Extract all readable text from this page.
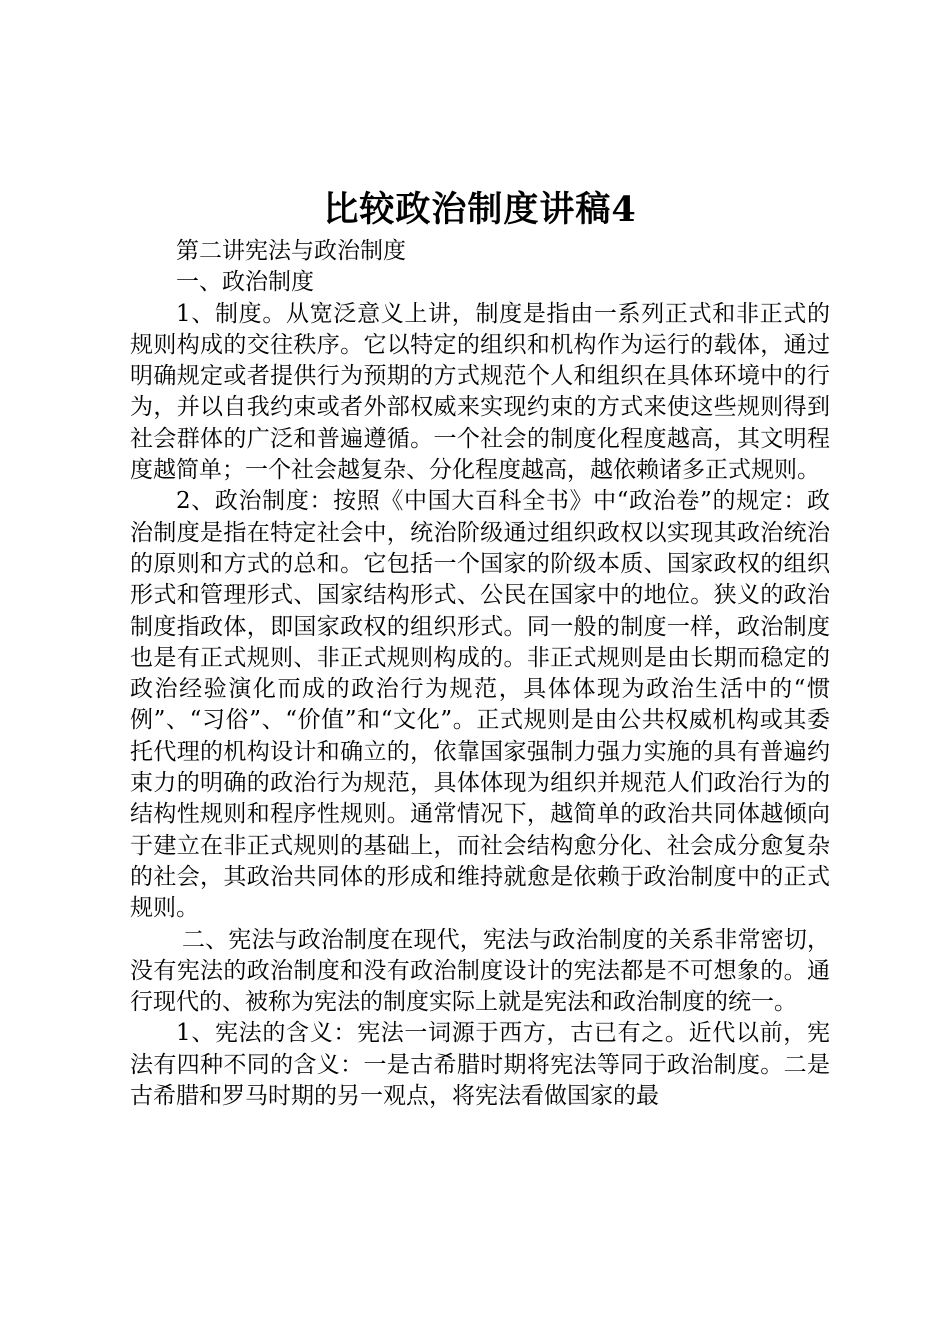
比较政治制度讲稿4

第二讲宪法与政治制度

一、政治制度

1、制度。从宽泛意义上讲，制度是指由一系列正式和非正式的规则构成的交往秩序。它以特定的组织和机构作为运行的载体，通过明确规定或者提供行为预期的方式规范个人和组织在具体环境中的行为，并以自我约束或者外部权威来实现约束的方式来使这些规则得到社会群体的广泛和普遍遵循。一个社会的制度化程度越高，其文明程度越简单；一个社会越复杂、分化程度越高，越依赖诸多正式规则。

2、政治制度：按照《中国大百科全书》中“政治卷”的规定：政治制度是指在特定社会中，统治阶级通过组织政权以实现其政治统治的原则和方式的总和。它包括一个国家的阶级本质、国家政权的组织形式和管理形式、国家结构形式、公民在国家中的地位。狭义的政治制度指政体，即国家政权的组织形式。同一般的制度一样，政治制度也是有正式规则、非正式规则构成的。非正式规则是由长期而稳定的政治经验演化而成的政治行为规范，具体体现为政治生活中的“惯例”、“习俗”、“价值”和“文化”。正式规则是由公共权威机构或其委托代理的机构设计和确立的，依靠国家强制力强力实施的具有普遍约束力的明确的政治行为规范，具体体现为组织并规范人们政治行为的结构性规则和程序性规则。通常情况下，越简单的政治共同体越倾向于建立在非正式规则的基础上，而社会结构愈分化、社会成分愈复杂的社会，其政治共同体的形成和维持就愈是依赖于政治制度中的正式规则。

二、宪法与政治制度在现代，宪法与政治制度的关系非常密切，没有宪法的政治制度和没有政治制度设计的宪法都是不可想象的。通行现代的、被称为宪法的制度实际上就是宪法和政治制度的统一。

1、宪法的含义：宪法一词源于西方，古已有之。近代以前，宪法有四种不同的含义：一是古希腊时期将宪法等同于政治制度。二是古希腊和罗马时期的另一观点，将宪法看做国家的最
